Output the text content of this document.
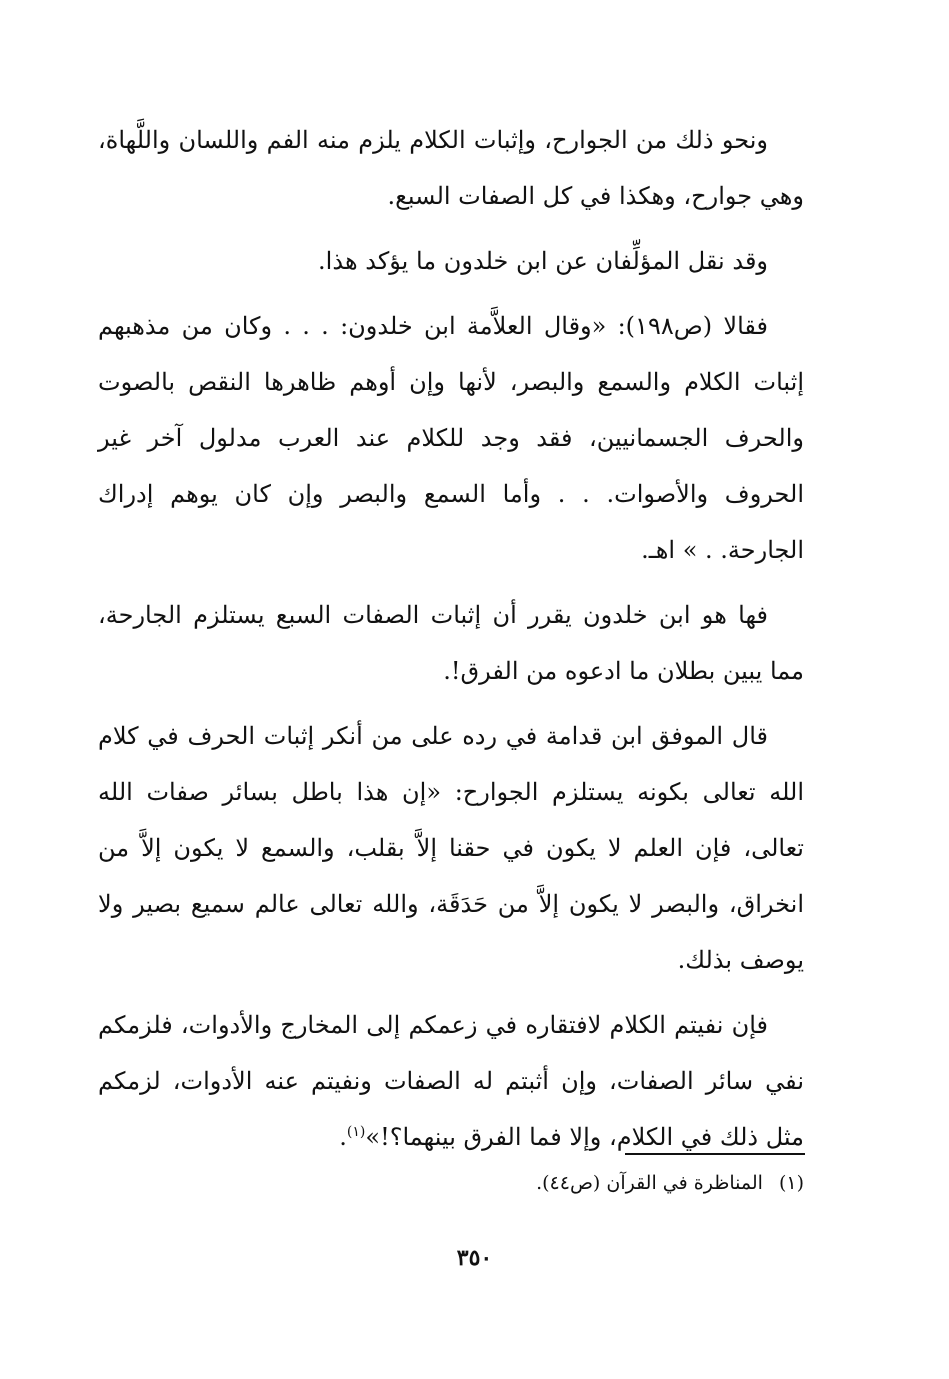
ونحو ذلك من الجوارح، وإثبات الكلام يلزم منه الفم واللسان واللَّهاة، وهي جوارح، وهكذا في كل الصفات السبع.

وقد نقل المؤلِّفان عن ابن خلدون ما يؤكد هذا.

فقالا (ص١٩٨): «وقال العلاَّمة ابن خلدون: . . . وكان من مذهبهم إثبات الكلام والسمع والبصر، لأنها وإن أوهم ظاهرها النقص بالصوت والحرف الجسمانيين، فقد وجد للكلام عند العرب مدلول آخر غير الحروف والأصوات. . . وأما السمع والبصر وإن كان يوهم إدراك الجارحة. . » اهـ.

فها هو ابن خلدون يقرر أن إثبات الصفات السبع يستلزم الجارحة، مما يبين بطلان ما ادعوه من الفرق!.

قال الموفق ابن قدامة في رده على من أنكر إثبات الحرف في كلام الله تعالى بكونه يستلزم الجوارح: «إن هذا باطل بسائر صفات الله تعالى، فإن العلم لا يكون في حقنا إلاَّ بقلب، والسمع لا يكون إلاَّ من انخراق، والبصر لا يكون إلاَّ من حَدَقَة، والله تعالى عالم سميع بصير ولا يوصف بذلك.

فإن نفيتم الكلام لافتقاره في زعمكم إلى المخارج والأدوات، فلزمكم نفي سائر الصفات، وإن أثبتم له الصفات ونفيتم عنه الأدوات، لزمكم مثل ذلك في الكلام، وإلا فما الفرق بينهما؟!»$^{(١)}$.

(١) المناظرة في القرآن (ص٤٤).
٣٥٠
